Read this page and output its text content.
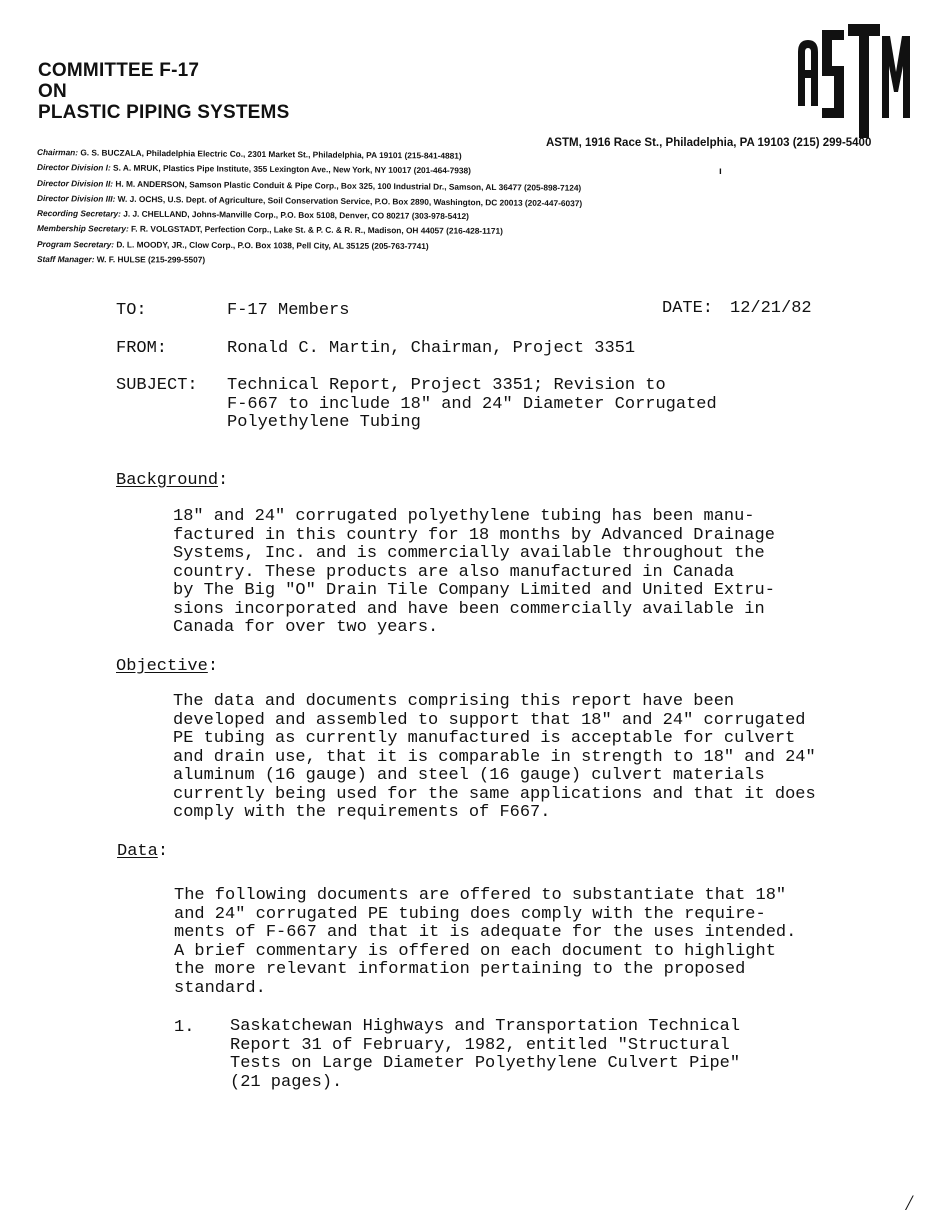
COMMITTEE F-17
ON
PLASTIC PIPING SYSTEMS
ASTM, 1916 Race St., Philadelphia, PA 19103 (215) 299-5400
Chairman: G. S. BUCZALA, Philadelphia Electric Co., 2301 Market St., Philadelphia, PA 19101 (215-841-4881)
Director Division I: S. A. MRUK, Plastics Pipe Institute, 355 Lexington Ave., New York, NY 10017 (201-464-7938)
Director Division II: H. M. ANDERSON, Samson Plastic Conduit & Pipe Corp., Box 325, 100 Industrial Dr., Samson, AL 36477 (205-898-7124)
Director Division III: W. J. OCHS, U.S. Dept. of Agriculture, Soil Conservation Service, P.O. Box 2890, Washington, DC 20013 (202-447-6037)
Recording Secretary: J. J. CHELLAND, Johns-Manville Corp., P.O. Box 5108, Denver, CO 80217 (303-978-5412)
Membership Secretary: F. R. VOLGSTADT, Perfection Corp., Lake St. & P. C. & R. R., Madison, OH 44057 (216-428-1171)
Program Secretary: D. L. MOODY, JR., Clow Corp., P.O. Box 1038, Pell City, AL 35125 (205-763-7741)
Staff Manager: W. F. HULSE (215-299-5507)
ı
TO:	F-17 Members	DATE: 12/21/82
FROM:	Ronald C. Martin, Chairman, Project 3351
SUBJECT: Technical Report, Project 3351; Revision to
F-667 to include 18" and 24" Diameter Corrugated
Polyethylene Tubing
Background:
18" and 24" corrugated polyethylene tubing has been manu-
factured in this country for 18 months by Advanced Drainage
Systems, Inc. and is commercially available throughout the
country. These products are also manufactured in Canada
by The Big "O" Drain Tile Company Limited and United Extru-
sions incorporated and have been commercially available in
Canada for over two years.
Objective:
The data and documents comprising this report have been
developed and assembled to support that 18" and 24" corrugated
PE tubing as currently manufactured is acceptable for culvert
and drain use, that it is comparable in strength to 18" and 24"
aluminum (16 gauge) and steel (16 gauge) culvert materials
currently being used for the same applications and that it does
comply with the requirements of F667.
Data:
The following documents are offered to substantiate that 18"
and 24" corrugated PE tubing does comply with the require-
ments of F-667 and that it is adequate for the uses intended.
A brief commentary is offered on each document to highlight
the more relevant information pertaining to the proposed
standard.
1. Saskatchewan Highways and Transportation Technical
Report 31 of February, 1982, entitled "Structural
Tests on Large Diameter Polyethylene Culvert Pipe"
(21 pages).
/
